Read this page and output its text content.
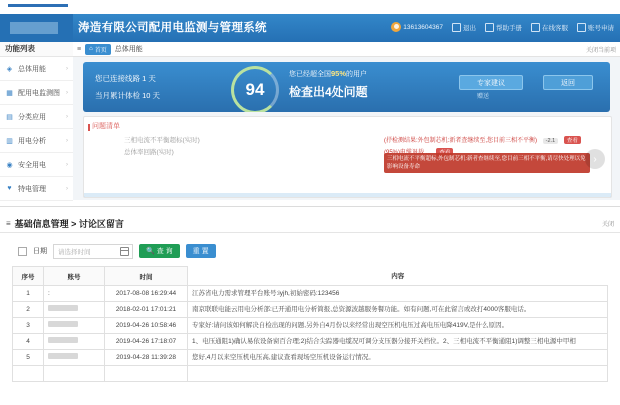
涛造有限公司配用电监测与管理系统	13613604367	退出	帮助手册	在线客服	账号申请
功能列表
◈ 总体用能	›
▦ 配用电监测图 ›
▤ 分类应用	›
▥ 用电分析	›
◉ 安全用电	›
♥ 特电管理	›
≡ ⌂ 首页 总体用能	关闭当前项
您已连接线路 1 天
当月累计体检 10 天	94
您已经超全国95%的用户
检查出4处问题
专家建议
赠送
返回
问题清单
三相电流不平衡超标(实时)	(抒检测结果:外包制芯机:新者查继续至,您目前三相不平衡) -2.1 查看
总体率回路(实时)
三相电流不平衡超标,外包制芯机:新者查继续至,您目前三相不平衡,请尽快处理以免影响设备寿命
›
≡ 基础信息管理 > 讨论区留言	关闭
日期 请选择时间	🔍 查 询	重 置
序号	账号	时间	内容
1	:	2017-08-08 16:29:44	江苏省电力需求管理平台账号:iyjh,初始密码:123456
2		2018-02-01 17:01:21	南京联联电能云用电分析部:已开通用电分析简报,总资源波越服务餐功能。如有问题,可在此留言或改打4000客服电话。
3		2019-04-26 10:58:46	专家好:请问该如何解决自检出现的问题,另外自4月份以来经常出现空压机电压过高电压电降419V,是什么原因。
4		2019-04-26 17:18:07	1、电压通阻1)确认易依设备窗百合理;2)结合尖踪器电缆况可调分支压器分接开关档位。2、三相电流不平衡通阻1)调整三相电源中甲相
5		2019-04-28 11:39:28	您好,4月以来空压机电压高,建议查看现场空压机设备运行情况。
